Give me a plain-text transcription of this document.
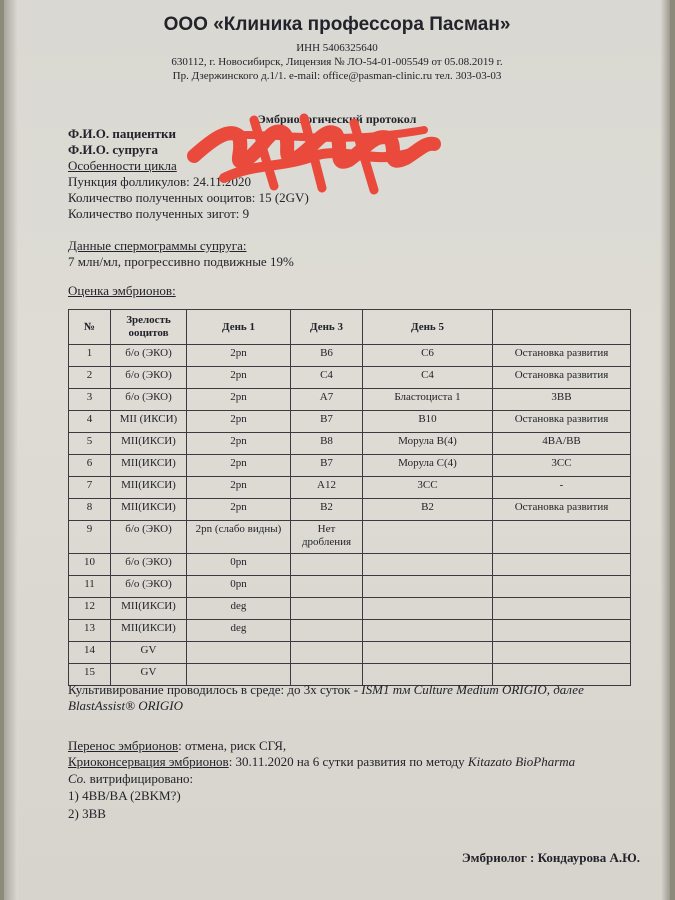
ООО «Клиника профессора Пасман»
ИНН 5406325640
630112, г. Новосибирск, Лицензия № ЛО-54-01-005549 от 05.08.2019 г.
Пр. Дзержинского д.1/1. e-mail: office@pasman-clinic.ru тел. 303-03-03
Эмбриологический протокол
Ф.И.О. пациентки
Ф.И.О. супруга
Особенности цикла
Пункция фолликулов: 24.11.2020
Количество полученных ооцитов: 15 (2GV)
Количество полученных зигот: 9
Данные спермограммы супруга:
7 млн/мл, прогрессивно подвижные 19%
Оценка эмбрионов:
№	Зрелость ооцитов	День 1	День 3	День 5	
1	б/о (ЭКО)	2pn	B6	C6	Остановка развития
2	б/о (ЭКО)	2pn	C4	C4	Остановка развития
3	б/о (ЭКО)	2pn	A7	Бластоциста 1	3BB
4	MII (ИКСИ)	2pn	B7	B10	Остановка развития
5	MII(ИКСИ)	2pn	B8	Морула B(4)	4BA/BB
6	MII(ИКСИ)	2pn	B7	Морула C(4)	3CC
7	MII(ИКСИ)	2pn	A12	3CC	-
8	MII(ИКСИ)	2pn	B2	B2	Остановка развития
9	б/о (ЭКО)	2pn (слабо видны)	Нет дробления		
10	б/о (ЭКО)	0pn			
11	б/о (ЭКО)	0pn			
12	MII(ИКСИ)	deg			
13	MII(ИКСИ)	deg			
14	GV				
15	GV				
Культивирование проводилось в среде: до 3х суток - ISM1 тм Culture Medium ORIGIO, далее
BlastAssist® ORIGIO
Перенос эмбрионов: отмена, риск СГЯ,
Криоконсервация эмбрионов: 30.11.2020 на 6 сутки развития по методу Kitazato BioPharma
Co. витрифицировано:
1) 4BB/BA (2BKM?)
2) 3BB
Эмбриолог : Кондаурова А.Ю.
